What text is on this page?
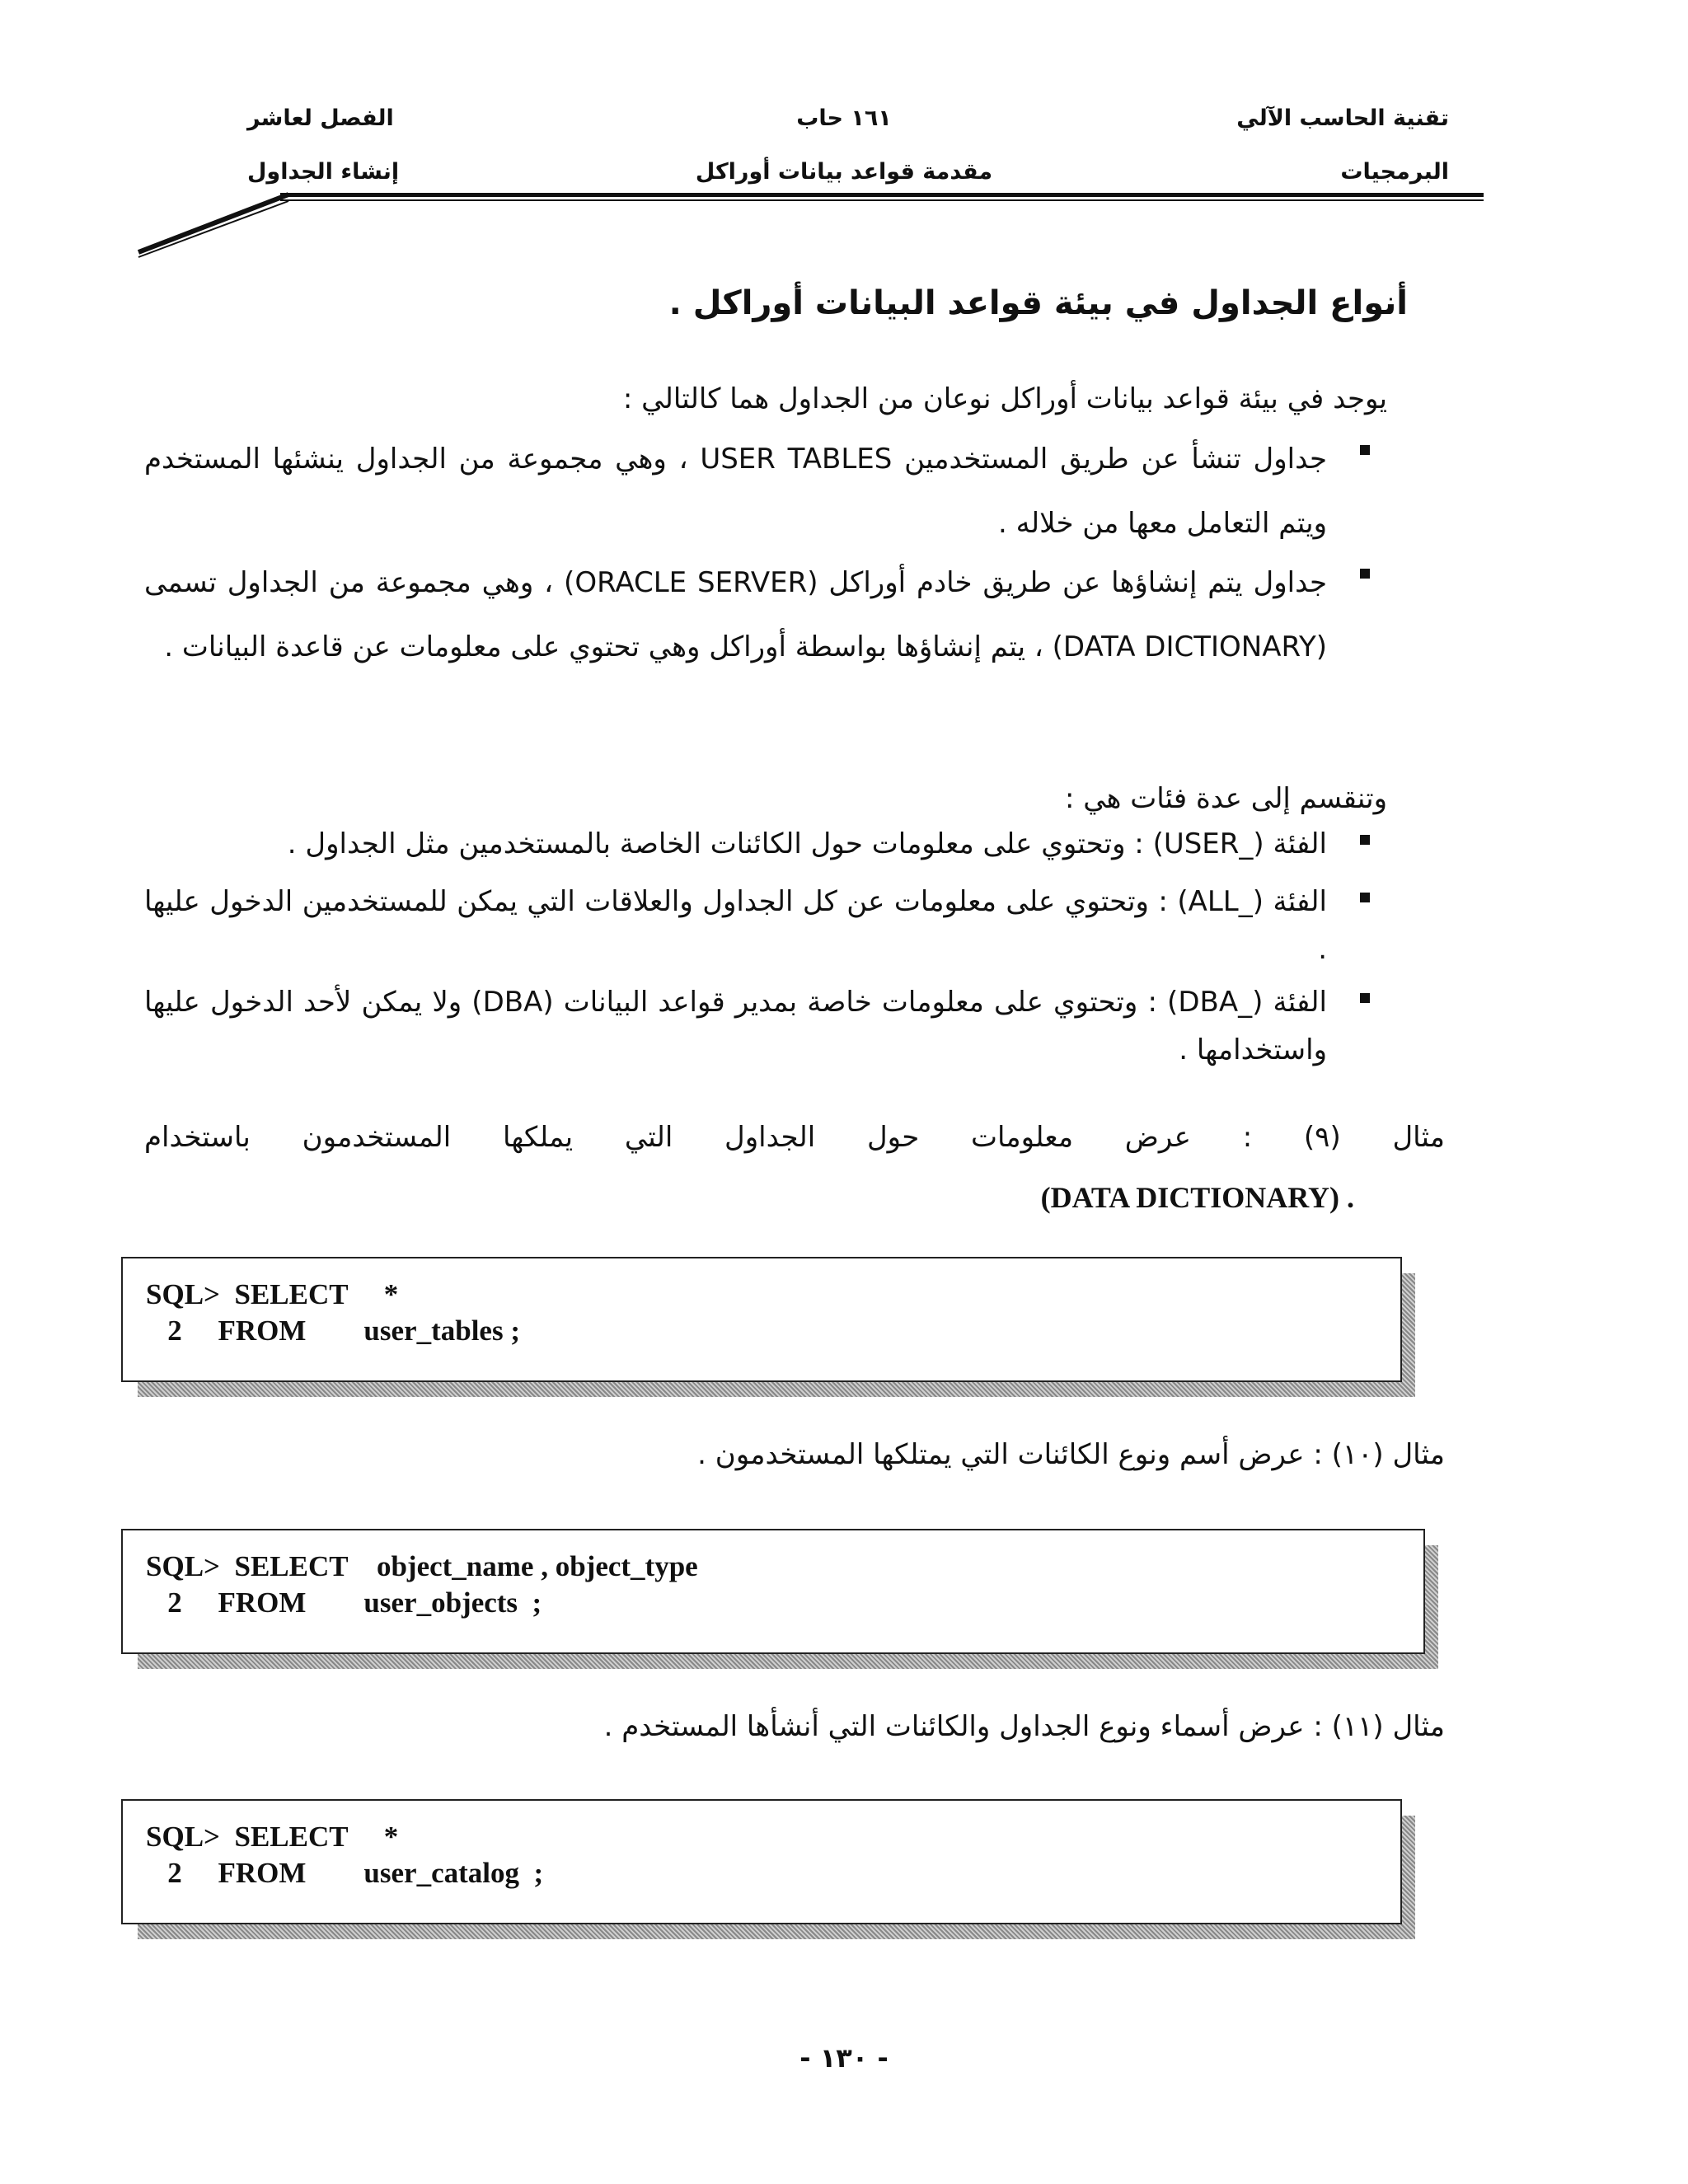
تقنية الحاسب الآلي
١٦١ حاب
الفصل لعاشر
البرمجيات
مقدمة قواعد بيانات أوراكل
إنشاء الجداول
أنواع الجداول في بيئة قواعد البيانات أوراكل .
يوجد في بيئة قواعد بيانات أوراكل نوعان من الجداول هما كالتالي :
جداول تنشأ عن طريق المستخدمين USER TABLES ، وهي مجموعة من الجداول ينشئها المستخدم ويتم التعامل معها من خلاله .
جداول يتم إنشاؤها عن طريق خادم أوراكل (ORACLE SERVER) ، وهي مجموعة من الجداول تسمى (DATA DICTIONARY) ، يتم إنشاؤها بواسطة أوراكل وهي تحتوي على معلومات عن قاعدة البيانات .
وتنقسم إلى عدة فئات هي :
الفئة (_USER) : وتحتوي على معلومات حول الكائنات الخاصة بالمستخدمين مثل الجداول .
الفئة (_ALL) : وتحتوي على معلومات عن كل الجداول والعلاقات التي يمكن للمستخدمين الدخول عليها .
الفئة (_DBA) : وتحتوي على معلومات خاصة بمدير قواعد البيانات (DBA) ولا يمكن لأحد الدخول عليها واستخدامها .
مثال (٩) : عرض معلومات حول الجداول التي يملكها المستخدمون باستخدام
(DATA DICTIONARY) .
SQL>  SELECT     *
2     FROM        user_tables ;
مثال (١٠) : عرض أسم ونوع الكائنات التي يمتلكها المستخدمون .
SQL>  SELECT    object_name , object_type
2     FROM        user_objects  ;
مثال (١١) : عرض أسماء ونوع الجداول والكائنات التي أنشأها المستخدم .
SQL>  SELECT     *
2     FROM        user_catalog  ;
- ١٣٠ -
